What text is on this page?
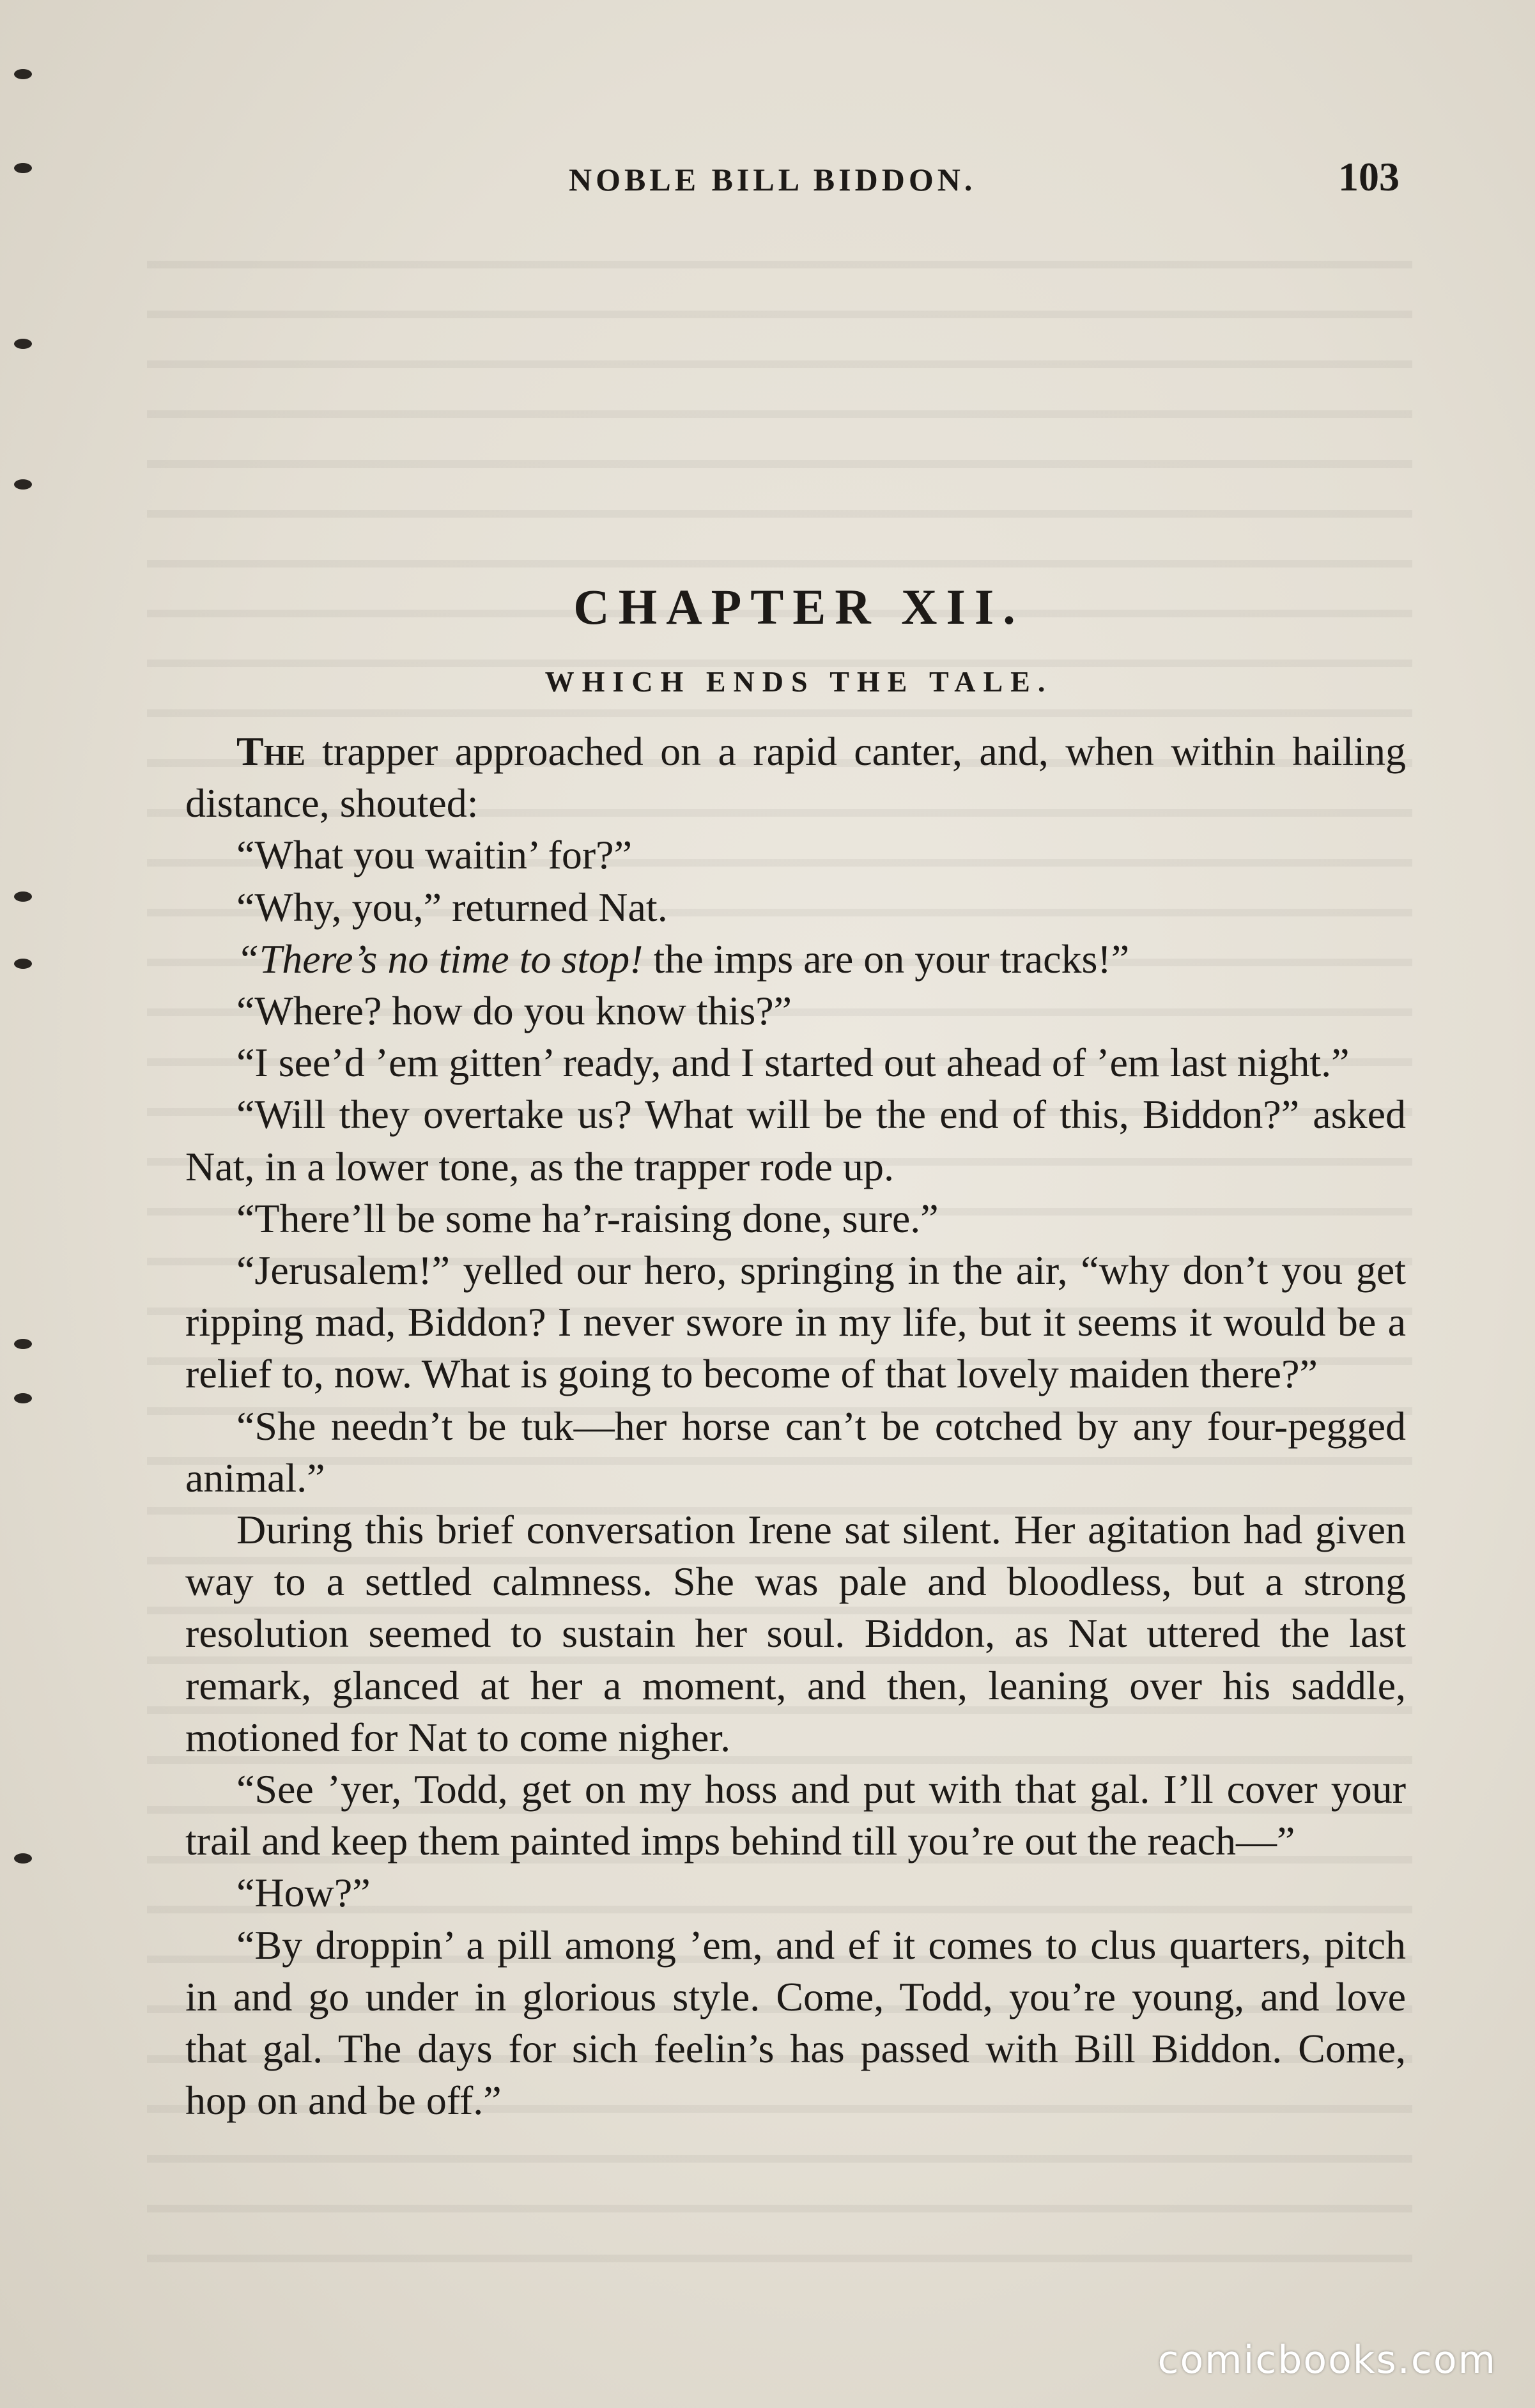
NOBLE BILL BIDDON.	103
CHAPTER XII.
WHICH ENDS THE TALE.

The trapper approached on a rapid canter, and, when within hailing distance, shouted:

“What you waitin’ for?”

“Why, you,” returned Nat.

“There’s no time to stop! the imps are on your tracks!”

“Where? how do you know this?”

“I see’d ’em gitten’ ready, and I started out ahead of ’em last night.”

“Will they overtake us? What will be the end of this, Biddon?” asked Nat, in a lower tone, as the trapper rode up.

“There’ll be some ha’r-raising done, sure.”

“Jerusalem!” yelled our hero, springing in the air, “why don’t you get ripping mad, Biddon? I never swore in my life, but it seems it would be a relief to, now. What is going to become of that lovely maiden there?”

“She needn’t be tuk—her horse can’t be cotched by any four-pegged animal.”

During this brief conversation Irene sat silent. Her agitation had given way to a settled calmness. She was pale and bloodless, but a strong resolution seemed to sustain her soul. Biddon, as Nat uttered the last remark, glanced at her a moment, and then, leaning over his saddle, motioned for Nat to come nigher.

“See ’yer, Todd, get on my hoss and put with that gal. I’ll cover your trail and keep them painted imps behind till you’re out the reach—”

“How?”

“By droppin’ a pill among ’em, and ef it comes to clus quarters, pitch in and go under in glorious style. Come, Todd, you’re young, and love that gal. The days for sich feelin’s has passed with Bill Biddon. Come, hop on and be off.”

comicbooks.com
